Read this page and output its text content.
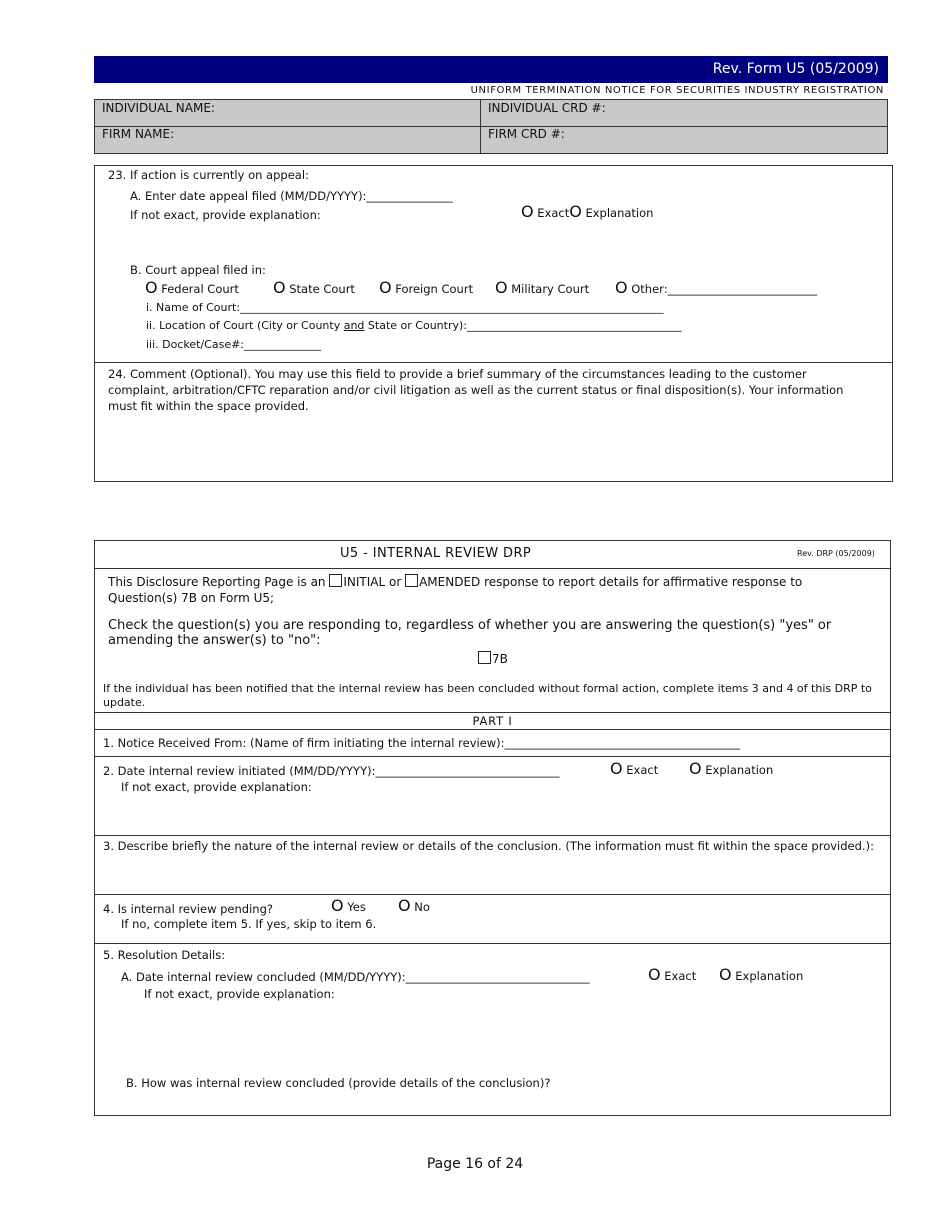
Rev. Form U5 (05/2009)
UNIFORM TERMINATION NOTICE FOR SECURITIES INDUSTRY REGISTRATION
INDIVIDUAL NAME:	INDIVIDUAL CRD #:
FIRM NAME:	FIRM CRD #:
23. If action is currently on appeal:
A. Enter date appeal filed (MM/DD/YYYY):_______________
If not exact, provide explanation:	O ExactO Explanation
B. Court appeal filed in:
O Federal Court O State Court O Foreign Court O Military Court O Other:__________________________
i. Name of Court:_____________________________________________________________________________
ii. Location of Court (City or County and State or Country):_______________________________________
iii. Docket/Case#:______________
24. Comment (Optional). You may use this field to provide a brief summary of the circumstances leading to the customer complaint, arbitration/CFTC reparation and/or civil litigation as well as the current status or final disposition(s). Your information must fit within the space provided.
U5 - INTERNAL REVIEW DRP	Rev. DRP (05/2009)
This Disclosure Reporting Page is an INITIAL or AMENDED response to report details for affirmative response to Question(s) 7B on Form U5;
Check the question(s) you are responding to, regardless of whether you are answering the question(s) "yes" or amending the answer(s) to "no":
7B
If the individual has been notified that the internal review has been concluded without formal action, complete items 3 and 4 of this DRP to update.
PART I
1. Notice Received From: (Name of firm initiating the internal review):_________________________________________
2. Date internal review initiated (MM/DD/YYYY):________________________________	O Exact O Explanation
If not exact, provide explanation:
3. Describe briefly the nature of the internal review or details of the conclusion. (The information must fit within the space provided.):
4. Is internal review pending?	O Yes O No
If no, complete item 5. If yes, skip to item 6.
5. Resolution Details:
A. Date internal review concluded (MM/DD/YYYY):________________________________	O Exact O Explanation
If not exact, provide explanation:
B. How was internal review concluded (provide details of the conclusion)?
Page 16 of 24
